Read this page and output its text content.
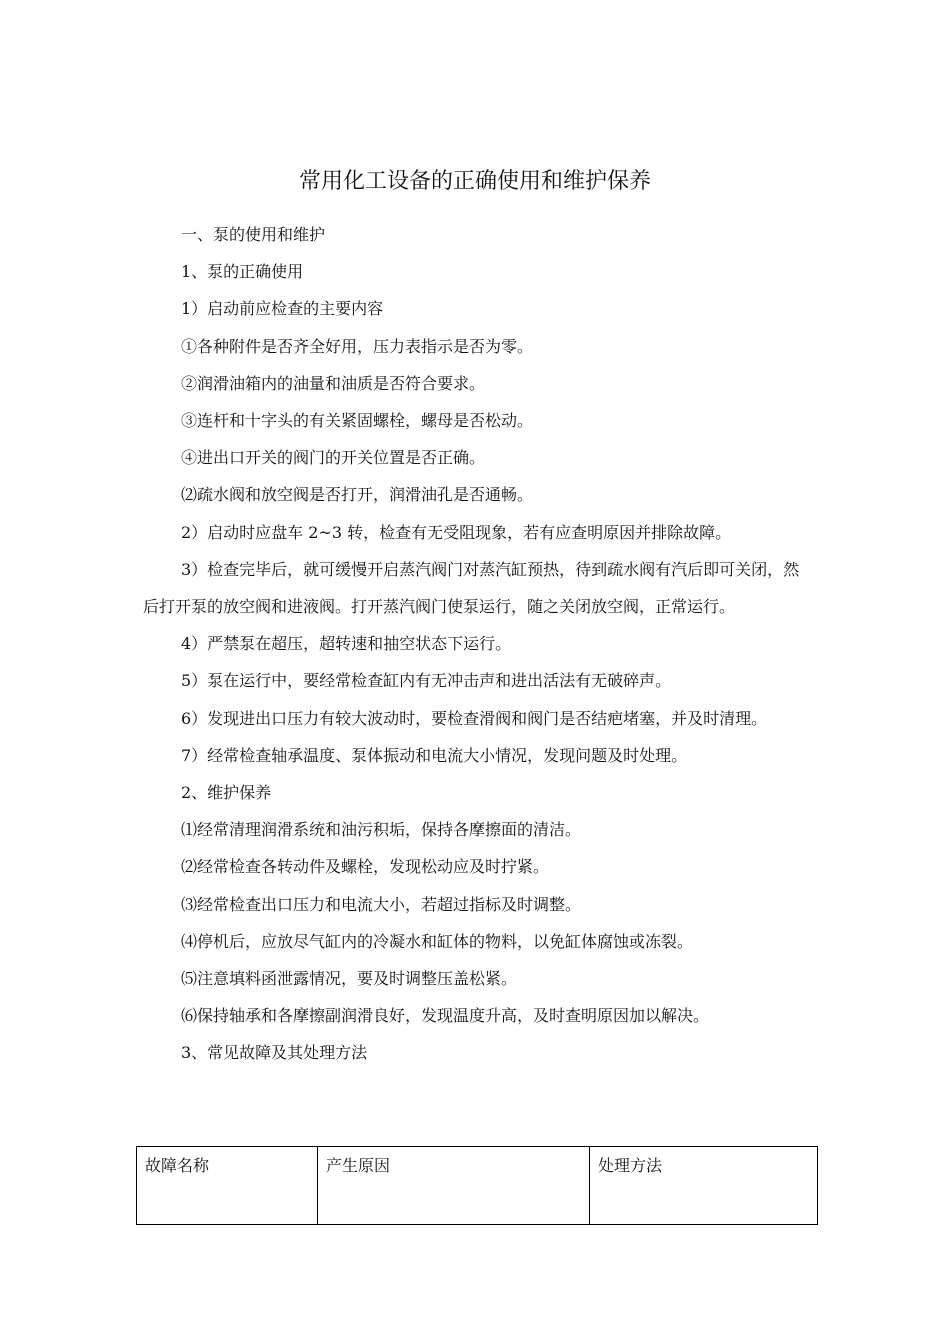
常用化工设备的正确使用和维护保养

一、泵的使用和维护

1、泵的正确使用

1）启动前应检查的主要内容

①各种附件是否齐全好用，压力表指示是否为零。

②润滑油箱内的油量和油质是否符合要求。

③连杆和十字头的有关紧固螺栓，螺母是否松动。

④进出口开关的阀门的开关位置是否正确。

⑵疏水阀和放空阀是否打开，润滑油孔是否通畅。

2）启动时应盘车 2~3 转，检查有无受阻现象，若有应查明原因并排除故障。

3）检查完毕后，就可缓慢开启蒸汽阀门对蒸汽缸预热，待到疏水阀有汽后即可关闭，然后打开泵的放空阀和进液阀。打开蒸汽阀门使泵运行，随之关闭放空阀，正常运行。

4）严禁泵在超压，超转速和抽空状态下运行。

5）泵在运行中，要经常检查缸内有无冲击声和进出活法有无破碎声。

6）发现进出口压力有较大波动时，要检查滑阀和阀门是否结疤堵塞，并及时清理。

7）经常检查轴承温度、泵体振动和电流大小情况，发现问题及时处理。

2、维护保养

⑴经常清理润滑系统和油污积垢，保持各摩擦面的清洁。

⑵经常检查各转动件及螺栓，发现松动应及时拧紧。

⑶经常检查出口压力和电流大小，若超过指标及时调整。

⑷停机后，应放尽气缸内的冷凝水和缸体的物料，以免缸体腐蚀或冻裂。

⑸注意填料函泄露情况，要及时调整压盖松紧。

⑹保持轴承和各摩擦副润滑良好，发现温度升高，及时查明原因加以解决。

3、常见故障及其处理方法

故障名称	产生原因	处理方法
